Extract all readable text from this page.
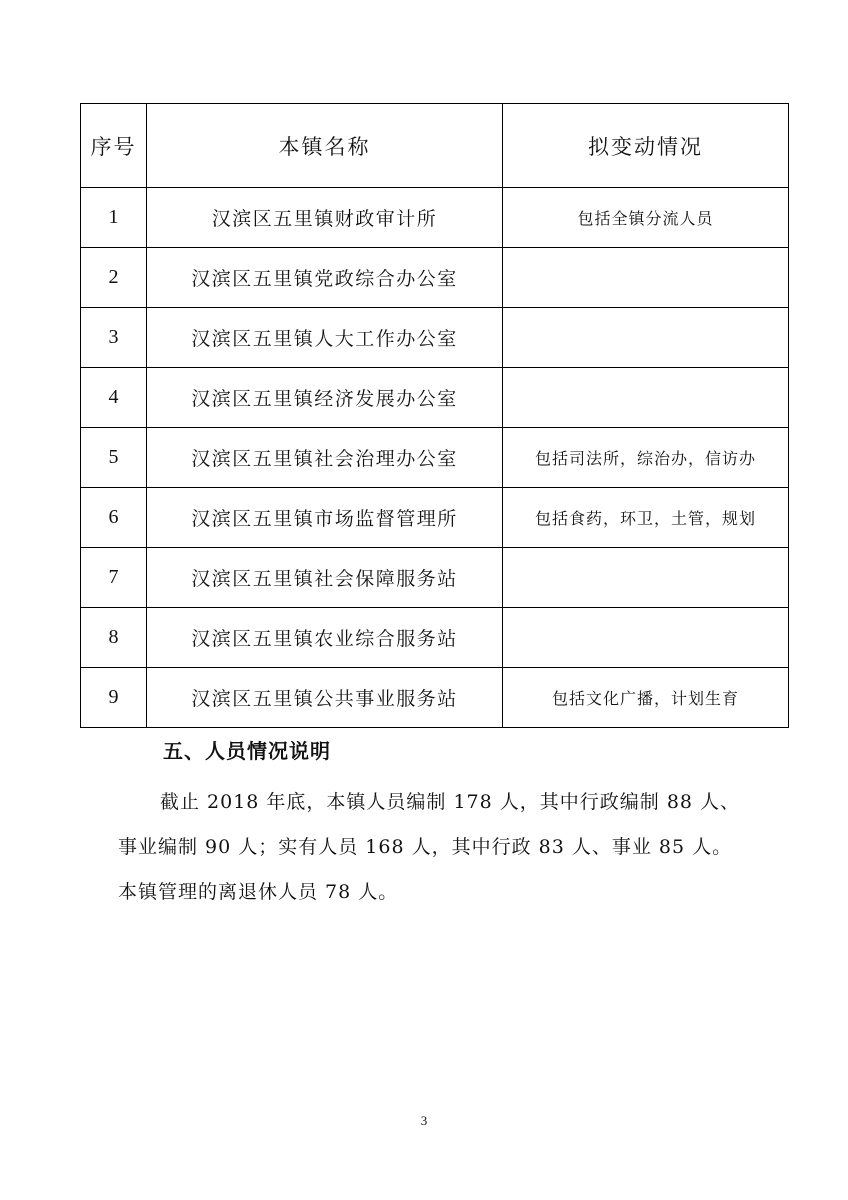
序号	本镇名称	拟变动情况
1	汉滨区五里镇财政审计所	包括全镇分流人员
2	汉滨区五里镇党政综合办公室	
3	汉滨区五里镇人大工作办公室	
4	汉滨区五里镇经济发展办公室	
5	汉滨区五里镇社会治理办公室	包括司法所，综治办，信访办
6	汉滨区五里镇市场监督管理所	包括食药，环卫，土管，规划
7	汉滨区五里镇社会保障服务站	
8	汉滨区五里镇农业综合服务站	
9	汉滨区五里镇公共事业服务站	包括文化广播，计划生育
五、人员情况说明

截止 2018 年底，本镇人员编制 178 人，其中行政编制 88 人、

事业编制 90 人；实有人员 168 人，其中行政 83 人、事业 85 人。

本镇管理的离退休人员 78 人。

3
